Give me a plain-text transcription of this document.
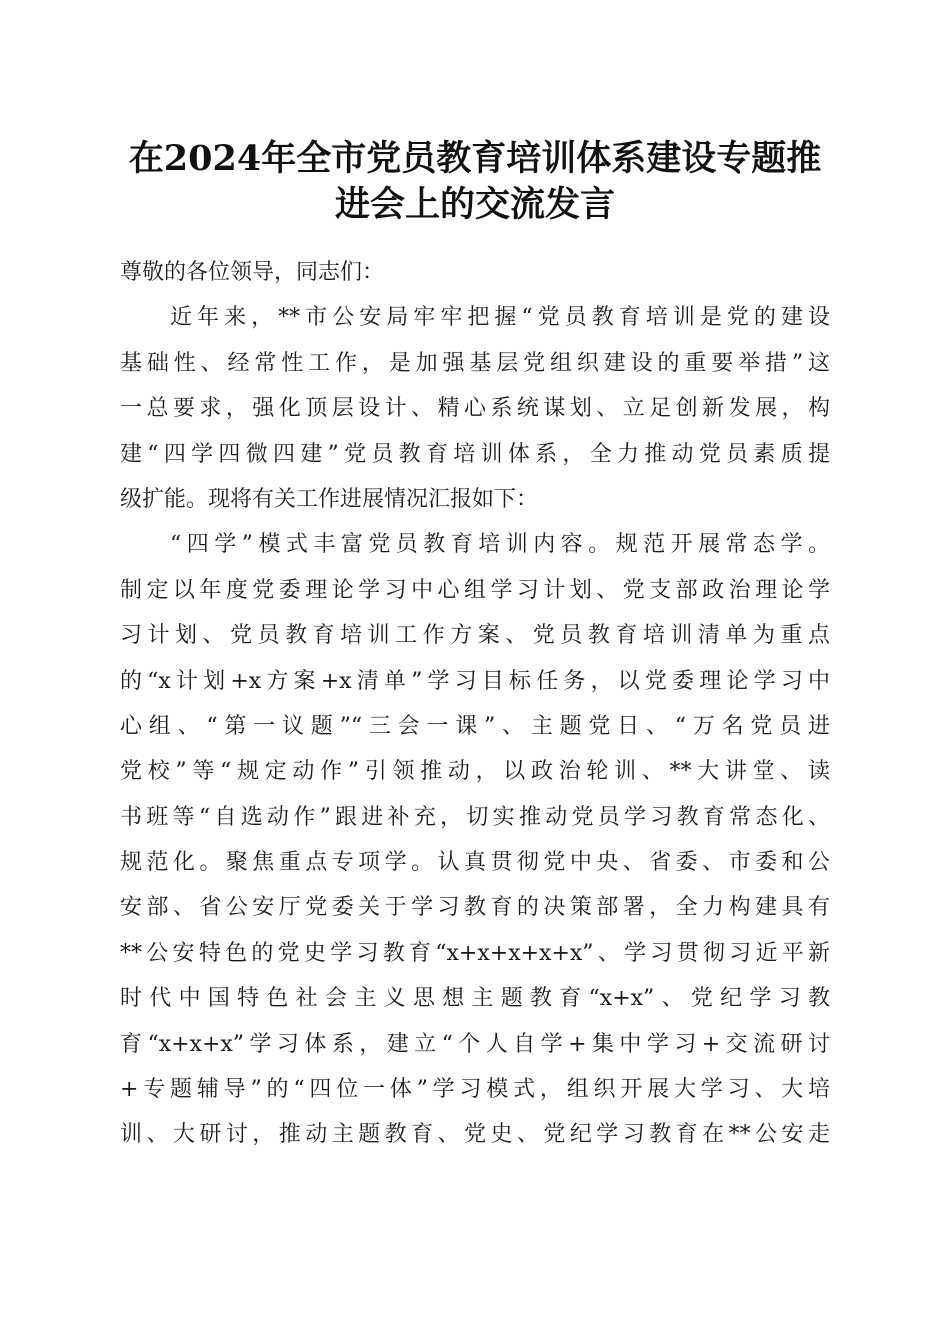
在2024年全市党员教育培训体系建设专题推
进会上的交流发言
尊敬的各位领导，同志们：
近年来，**市公安局牢牢把握“党员教育培训是党的建设
基础性、经常性工作，是加强基层党组织建设的重要举措”这
一总要求，强化顶层设计、精心系统谋划、立足创新发展，构
建“四学四微四建”党员教育培训体系，全力推动党员素质提
级扩能。现将有关工作进展情况汇报如下：
“四学”模式丰富党员教育培训内容。规范开展常态学。
制定以年度党委理论学习中心组学习计划、党支部政治理论学
习计划、党员教育培训工作方案、党员教育培训清单为重点
的“x计划+x方案+x清单”学习目标任务，以党委理论学习中
心组、“第一议题”“三会一课”、主题党日、“万名党员进
党校”等“规定动作”引领推动，以政治轮训、**大讲堂、读
书班等“自选动作”跟进补充，切实推动党员学习教育常态化、
规范化。聚焦重点专项学。认真贯彻党中央、省委、市委和公
安部、省公安厅党委关于学习教育的决策部署，全力构建具有
**公安特色的党史学习教育“x+x+x+x+x”、学习贯彻习近平新
时代中国特色社会主义思想主题教育“x+x”、党纪学习教
育“x+x+x”学习体系，建立“个人自学+集中学习+交流研讨
+专题辅导”的“四位一体”学习模式，组织开展大学习、大培
训、大研讨，推动主题教育、党史、党纪学习教育在**公安走
